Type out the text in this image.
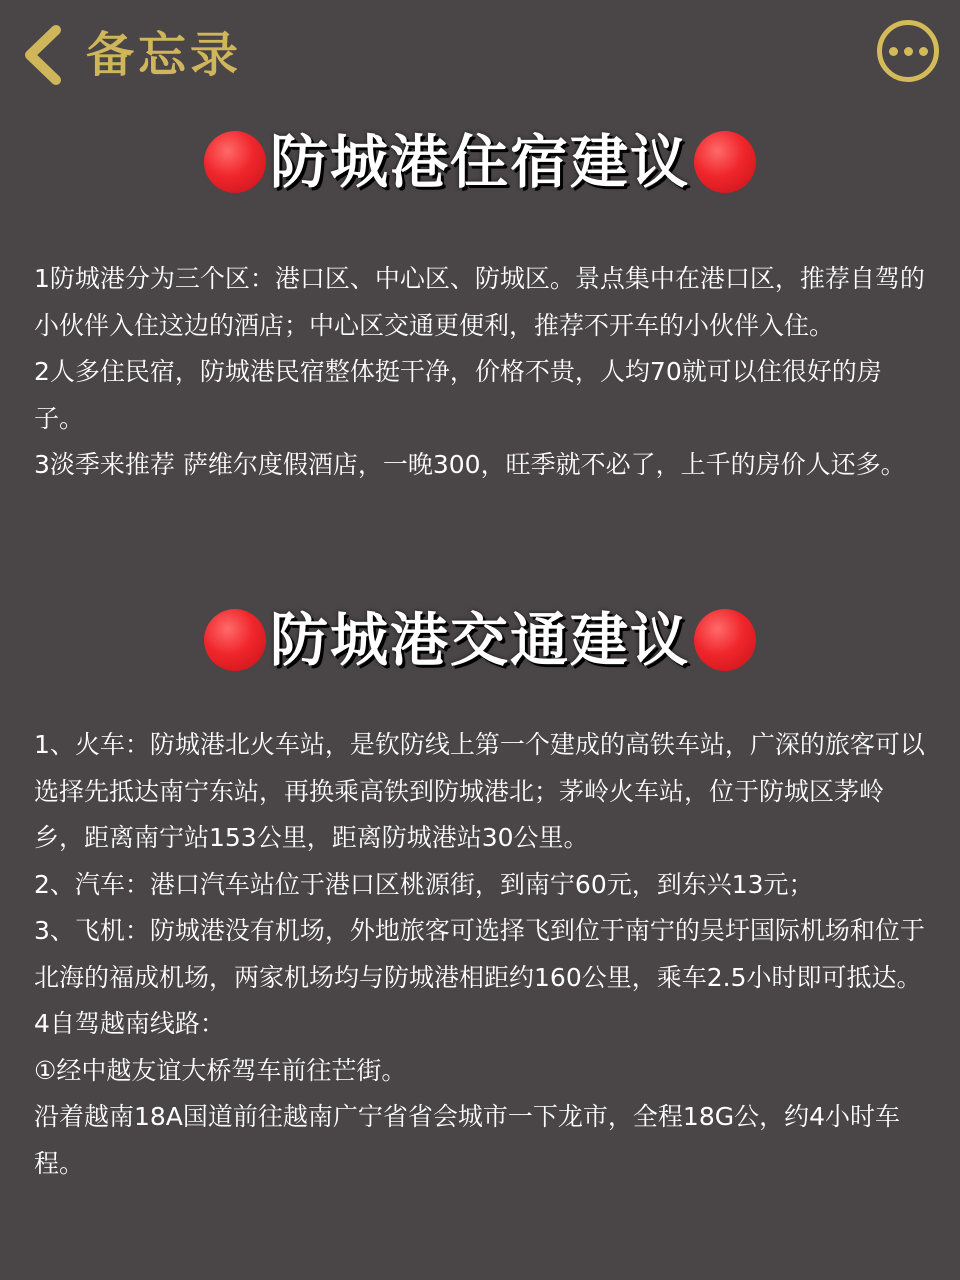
备忘录
防城港住宿建议

1防城港分为三个区：港口区、中心区、防城区。景点集中在港口区，推荐自驾的小伙伴入住这边的酒店；中心区交通更便利，推荐不开车的小伙伴入住。

2人多住民宿，防城港民宿整体挺干净，价格不贵，人均70就可以住很好的房子。

3淡季来推荐 萨维尔度假酒店，一晚300，旺季就不必了，上千的房价人还多。

防城港交通建议

1、火车：防城港北火车站，是钦防线上第一个建成的高铁车站，广深的旅客可以选择先抵达南宁东站，再换乘高铁到防城港北；茅岭火车站，位于防城区茅岭乡，距离南宁站153公里，距离防城港站30公里。

2、汽车：港口汽车站位于港口区桃源街，到南宁60元，到东兴13元；

3、飞机：防城港没有机场，外地旅客可选择飞到位于南宁的吴圩国际机场和位于北海的福成机场，两家机场均与防城港相距约160公里，乘车2.5小时即可抵达。

4自驾越南线路：

①经中越友谊大桥驾车前往芒街。

沿着越南18A国道前往越南广宁省省会城市一下龙市，全程18G公，约4小时车程。
